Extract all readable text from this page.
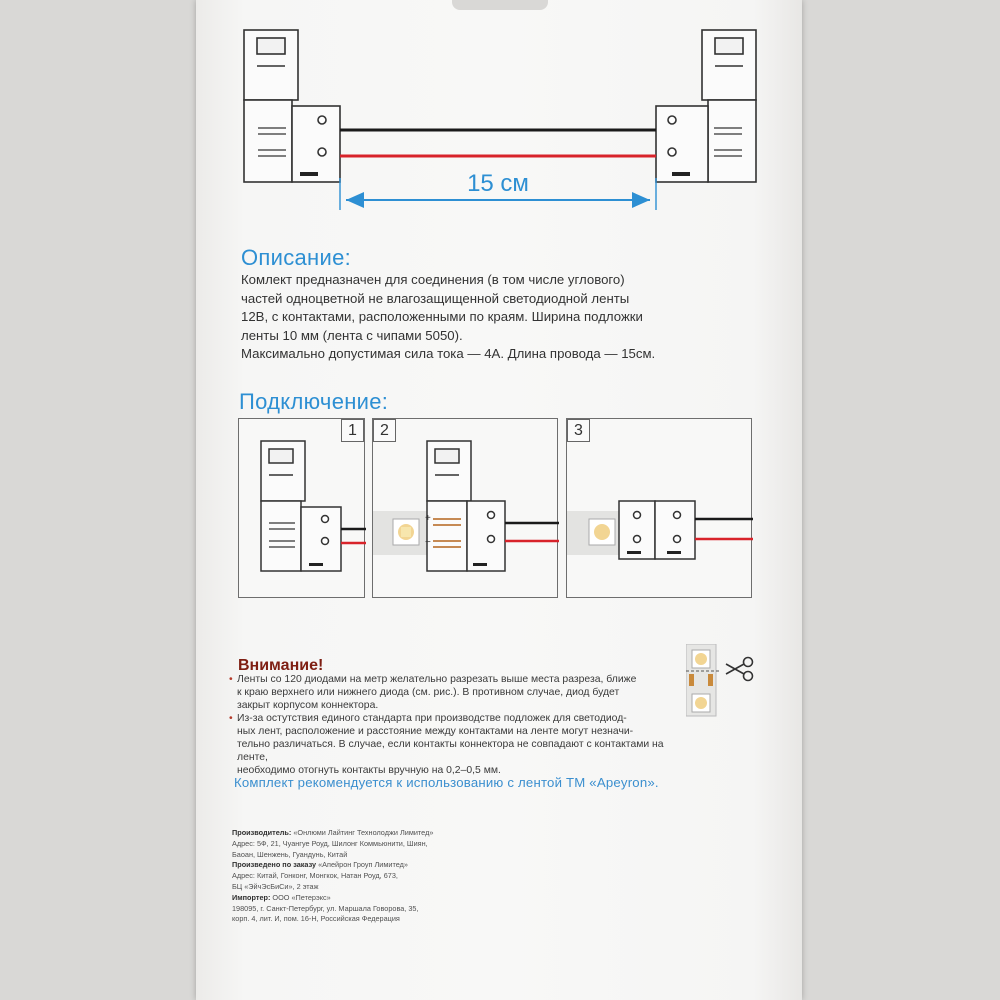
15 см
Описание:
Комлект предназначен для соединения (в том числе углового)
частей одноцветной не влагозащищенной светодиодной ленты
12В, с контактами, расположенными по краям. Ширина подложки
ленты 10 мм (лента с чипами 5050).
Максимально допустимая сила тока — 4А. Длина провода — 15см.
Подключение:
1	2
+
−
3
Внимание!
• Ленты со 120 диодами на метр желательно разрезать выше места разреза, ближе
к краю верхнего или нижнего диода (см. рис.). В противном случае, диод будет
закрыт корпусом коннектора.
• Из-за остутствия единого стандарта при производстве подложек для светодиод-
ных лент, расположение и расстояние между контактами на ленте могут незначи-
тельно различаться. В случае, если контакты коннектора не совпадают с контактами на ленте,
необходимо отогнуть контакты вручную на 0,2–0,5 мм.
Комплект рекомендуется к использованию с лентой ТМ «Apeyron».
Производитель: «Онлюми Лайтинг Технолоджи Лимитед»
Адрес: 5Ф, 21, Чуангуе Роуд, Шилонг Коммьюнити, Шиян,
Баоан, Шенжень, Гуандунь, Китай
Произведено по заказу «Апейрон Гроуп Лимитед»
Адрес: Китай, Гонконг, Монгкок, Натан Роуд, 673,
БЦ «ЭйчЭсБиСи», 2 этаж
Импортер: ООО «Петерэкс»
198095, г. Санкт-Петербург, ул. Маршала Говорова, 35,
корп. 4, лит. И, пом. 16-Н, Российская Федерация
